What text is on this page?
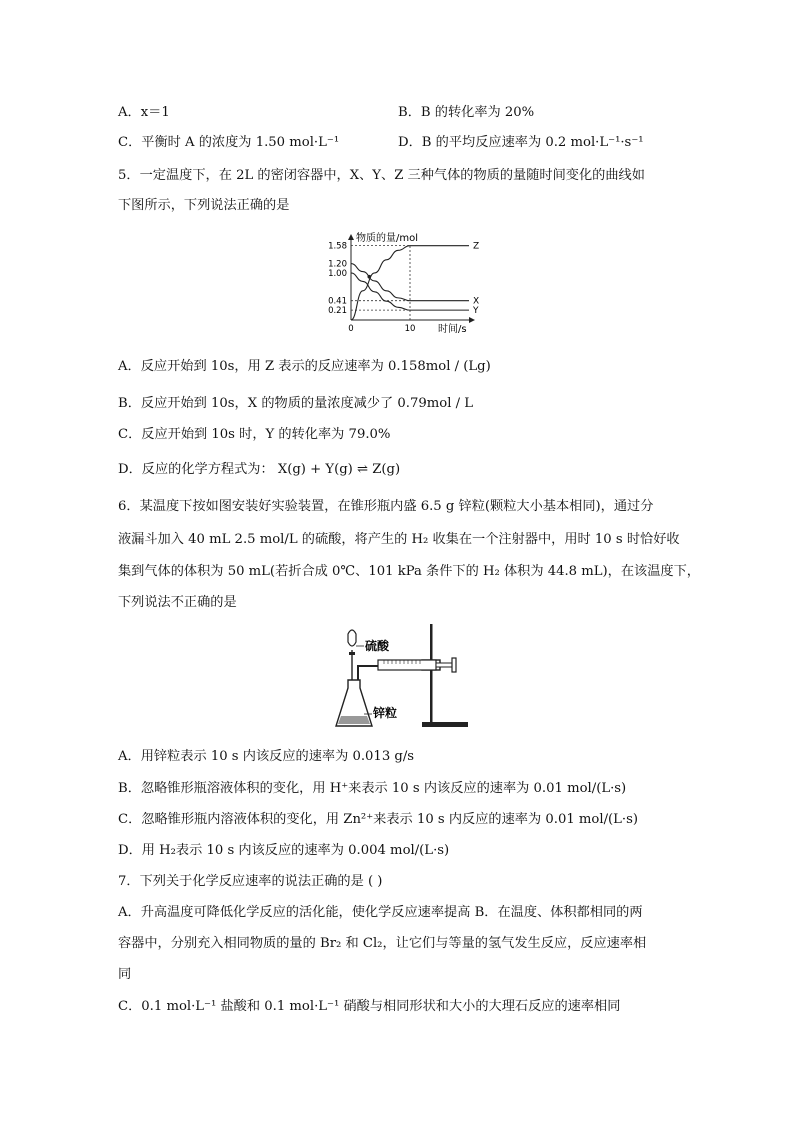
A．x＝1	B．B 的转化率为 20%
C．平衡时 A 的浓度为 1.50 mol·L⁻¹	D．B 的平均反应速率为 0.2 mol·L⁻¹·s⁻¹
5．一定温度下，在 2L 的密闭容器中，X、Y、Z 三种气体的物质的量随时间变化的曲线如
下图所示，下列说法正确的是
物质的量/mol
时间/s
1.58
1.20
1.00
0.41
0.21
0	10
Z
X
Y
A．反应开始到 10s，用 Z 表示的反应速率为 0.158mol / (Lg)
B．反应开始到 10s，X 的物质的量浓度减少了 0.79mol / L
C．反应开始到 10s 时，Y 的转化率为 79.0%
D．反应的化学方程式为： X(g) + Y(g) ⇌ Z(g)
6．某温度下按如图安装好实验装置，在锥形瓶内盛 6.5 g 锌粒(颗粒大小基本相同)，通过分
液漏斗加入 40 mL 2.5 mol/L 的硫酸，将产生的 H₂ 收集在一个注射器中，用时 10 s 时恰好收
集到气体的体积为 50 mL(若折合成 0℃、101 kPa 条件下的 H₂ 体积为 44.8 mL)，在该温度下，
下列说法不正确的是
硫酸
锌粒
A．用锌粒表示 10 s 内该反应的速率为 0.013 g/s
B．忽略锥形瓶溶液体积的变化，用 H⁺来表示 10 s 内该反应的速率为 0.01 mol/(L·s)
C．忽略锥形瓶内溶液体积的变化，用 Zn²⁺来表示 10 s 内反应的速率为 0.01 mol/(L·s)
D．用 H₂表示 10 s 内该反应的速率为 0.004 mol/(L·s)
7．下列关于化学反应速率的说法正确的是 ( )
A．升高温度可降低化学反应的活化能，使化学反应速率提高 B．在温度、体积都相同的两
容器中，分别充入相同物质的量的 Br₂ 和 Cl₂，让它们与等量的氢气发生反应，反应速率相
同
C．0.1 mol·L⁻¹ 盐酸和 0.1 mol·L⁻¹ 硝酸与相同形状和大小的大理石反应的速率相同
